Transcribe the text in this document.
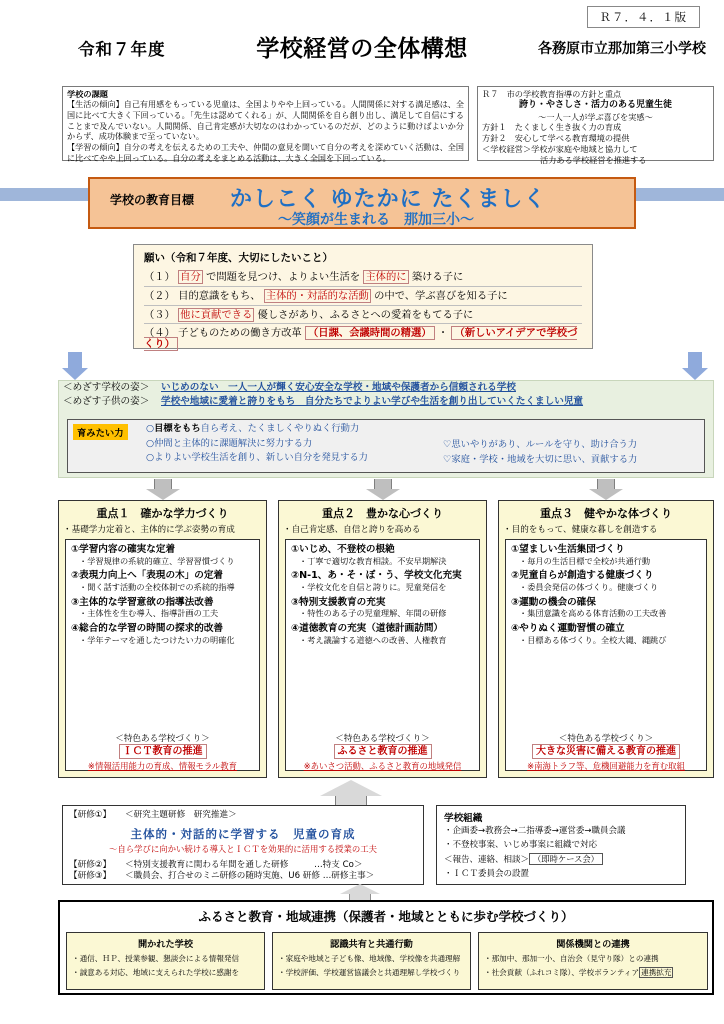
Ｒ７．４．１版
令和７年度	学校経営の全体構想	各務原市立那加第三小学校
学校の課題

【生活の傾向】自己有用感をもっている児童は、全国よりやや上回っている。人間関係に対する満足感は、全国に比べて大きく下回っている。「先生は認めてくれる」が、人間関係を自ら創り出し、満足して自信にすることまで及んでいない。人間関係、自己肯定感が大切なのはわかっているのだが、どのように動けばよいか分からず、成功体験まで至っていない。

【学習の傾向】自分の考えを伝えるための工夫や、仲間の意見を聞いて自分の考えを深めていく活動は、全国に比べてやや上回っている。自分の考えをまとめる活動は、大きく全国を下回っている。

Ｒ７　市の学校教育指導の方針と重点
誇り・やさしさ・活力のある児童生徒
～一人一人が学ぶ喜びを実感～
方針１　たくましく生き抜く力の育成
方針２　安心して学べる教育環境の提供
＜学校経営＞学校が家庭や地域と協力して
活力ある学校経営を推進する
学校の教育目標 かしこく ゆたかに たくましく
～笑顔が生まれる　那加三小～
願い（令和７年度、大切にしたいこと）
（１） 自分 で問題を見つけ、よりよい生活を 主体的に 築ける子に
（２） 目的意識をもち、 主体的・対話的な活動 の中で、学ぶ喜びを知る子に
（３） 他に貢献できる 優しさがあり、ふるさとへの愛着をもてる子に
（４） 子どものための働き方改革 （日課、会議時間の精選） ・ （新しいアイデアで学校づくり）
＜めざす学校の姿＞ いじめのない　一人一人が輝く安心安全な学校・地域や保護者から信頼される学校
＜めざす子供の姿＞ 学校や地域に愛着と誇りをもち　自分たちでよりよい学びや生活を創り出していくたくましい児童
育みたい力	○目標をもち自ら考え、たくましくやりぬく行動力
○仲間と主体的に課題解決に努力する力
○よりよい学校生活を創り、新しい自分を発見する力
♡思いやりがあり、ルールを守り、助け合う力
♡家庭・学校・地域を大切に思い、貢献する力
重点１　確かな学力づくり
・基礎学力定着と、主体的に学ぶ姿勢の育成
①学習内容の確実な定着
・学習規律の系統的確立、学習習慣づくり
②表現力向上へ「表現の木」の定着
・聞く話す活動の全校体制での系統的指導
③主体的な学習意欲の指導法改善
・主体性を生む導入、指導計画の工夫
④総合的な学習の時間の探求的改善
・学年テーマを通したつけたい力の明確化
＜特色ある学校づくり＞
ＩＣＴ教育の推進
※情報活用能力の育成、情報モラル教育
重点２　豊かな心づくり
・自己肯定感、自信と誇りを高める
①いじめ、不登校の根絶
・丁寧で適切な教育相談。不安早期解決
②N-1、あ・そ・ぼ・う、学校文化充実
・学校文化を自信と誇りに。児童発信を
③特別支援教育の充実
・特性のある子の児童理解、年間の研修
④道徳教育の充実（道徳計画訪問）
・考え議論する道徳への改善、人権教育
＜特色ある学校づくり＞
ふるさと教育の推進
※あいさつ活動、ふるさと教育の地域発信
重点３　健やかな体づくり
・目的をもって、健康な暮しを創造する
①望ましい生活集団づくり
・毎月の生活目標で全校が共通行動
②児童自らが創造する健康づくり
・委員会発信の体づくり。健康づくり
③運動の機会の確保
・集団意識を高める体育活動の工夫改善
④やりぬく運動習慣の確立
・目標ある体づくり。全校大縄、縄跳び
＜特色ある学校づくり＞
大きな災害に備える教育の推進
※南海トラフ等、危機回避能力を育む取組
【研修①】 ＜研究主題研修　研究推進＞
主体的・対話的に学習する　児童の育成
～自ら学びに向かい続ける導入とＩＣＴを効果的に活用する授業の工夫
【研修②】 ＜特別支援教育に関わる年間を通した研修　　　…特支 Co＞
【研修③】 ＜職員会、打合せのミニ研修の随時実施、U6 研修 …研修主事＞
学校組織

・企画委→教務会→二指導委→運営委→職員会議

・不登校事案、いじめ事案に組織で対応

＜報告、連絡、相談＞ （即時ケース会）

・ＩＣＴ委員会の設置

ふるさと教育・地域連携（保護者・地域とともに歩む学校づくり）
開かれた学校

・通信、ＨＰ、授業参観、懇談会による情報発信

・誠意ある対応、地域に支えられた学校に感謝を

認識共有と共通行動

・家庭や地域と子ども像、地域像、学校像を共通理解

・学校評価、学校運営協議会と共通理解し学校づくり

関係機関との連携

・那加中、那加一小、自治会（見守り隊）との連携

・社会貢献（ふれコミ隊）、学校ボランティア 連携拡充
